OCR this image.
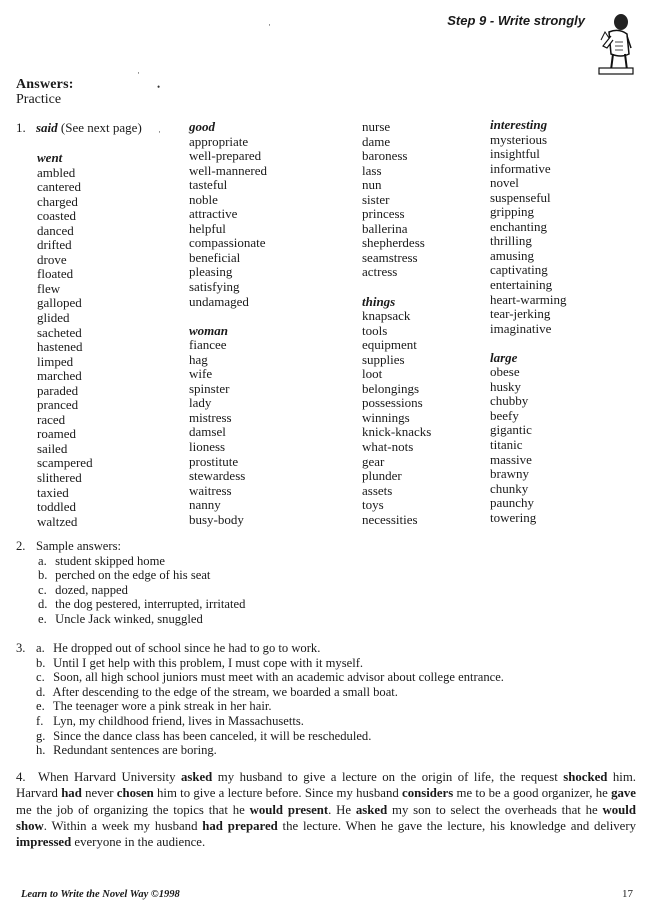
Step 9 - Write strongly
Answers:
Practice
·
•
·
·
1. said (See next page)
went
ambled
cantered
charged
coasted
danced
drifted
drove
floated
flew
galloped
glided
sacheted
hastened
limped
marched
paraded
pranced
raced
roamed
sailed
scampered
slithered
taxied
toddled
waltzed
good
appropriate
well-prepared
well-mannered
tasteful
noble
attractive
helpful
compassionate
beneficial
pleasing
satisfying
undamaged
woman
fiancee
hag
wife
spinster
lady
mistress
damsel
lioness
prostitute
stewardess
waitress
nanny
busy-body
nurse
dame
baroness
lass
nun
sister
princess
ballerina
shepherdess
seamstress
actress
things
knapsack
tools
equipment
supplies
loot
belongings
possessions
winnings
knick-knacks
what-nots
gear
plunder
assets
toys
necessities
interesting
mysterious
insightful
informative
novel
suspenseful
gripping
enchanting
thrilling
amusing
captivating
entertaining
heart-warming
tear-jerking
imaginative
large
obese
husky
chubby
beefy
gigantic
titanic
massive
brawny
chunky
paunchy
towering
2. Sample answers:
a. student skipped home
b. perched on the edge of his seat
c. dozed, napped
d. the dog pestered, interrupted, irritated
e. Uncle Jack winked, snuggled
3. a. He dropped out of school since he had to go to work.
b. Until I get help with this problem, I must cope with it myself.
c. Soon, all high school juniors must meet with an academic advisor about college entrance.
d. After descending to the edge of the stream, we boarded a small boat.
e. The teenager wore a pink streak in her hair.
f. Lyn, my childhood friend, lives in Massachusetts.
g. Since the dance class has been canceled, it will be rescheduled.
h. Redundant sentences are boring.
4. When Harvard University asked my husband to give a lecture on the origin of life, the request shocked him. Harvard had never chosen him to give a lecture before. Since my husband considers me to be a good organizer, he gave me the job of organizing the topics that he would present. He asked my son to select the overheads that he would show. Within a week my husband had prepared the lecture. When he gave the lecture, his knowledge and delivery impressed everyone in the audience.
Learn to Write the Novel Way ©1998	17
